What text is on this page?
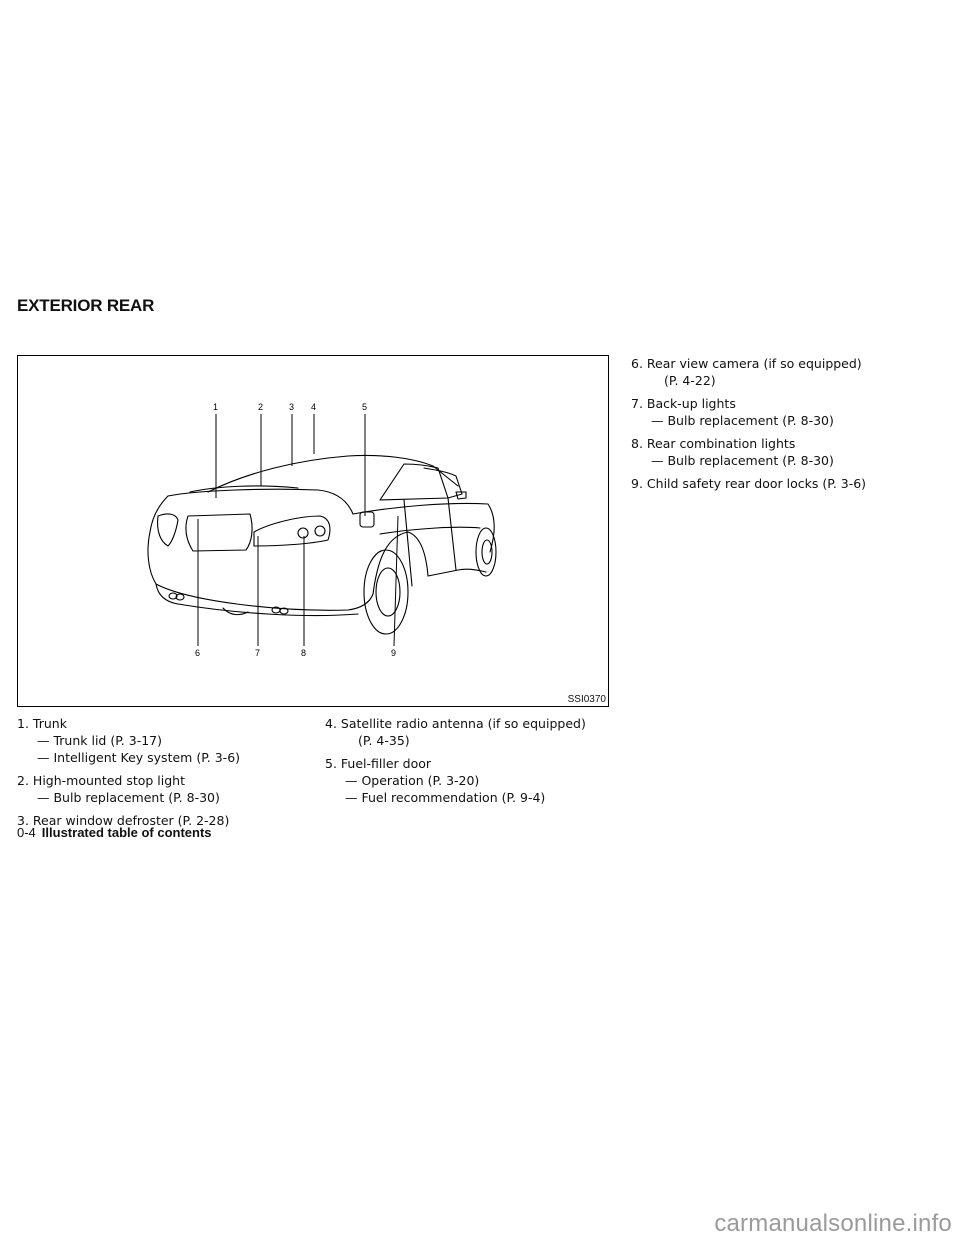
EXTERIOR REAR
1	2	3 4	5
6	7	8	9
SSI0370
1. Trunk
— Trunk lid (P. 3-17)
— Intelligent Key system (P. 3-6)
2. High-mounted stop light
— Bulb replacement (P. 8-30)
3. Rear window defroster (P. 2-28)
4. Satellite radio antenna (if so equipped)
(P. 4-35)
5. Fuel-filler door
— Operation (P. 3-20)
— Fuel recommendation (P. 9-4)
6. Rear view camera (if so equipped)
(P. 4-22)
7. Back-up lights
— Bulb replacement (P. 8-30)
8. Rear combination lights
— Bulb replacement (P. 8-30)
9. Child safety rear door locks (P. 3-6)
0-4 Illustrated table of contents
carmanualsonline.info
